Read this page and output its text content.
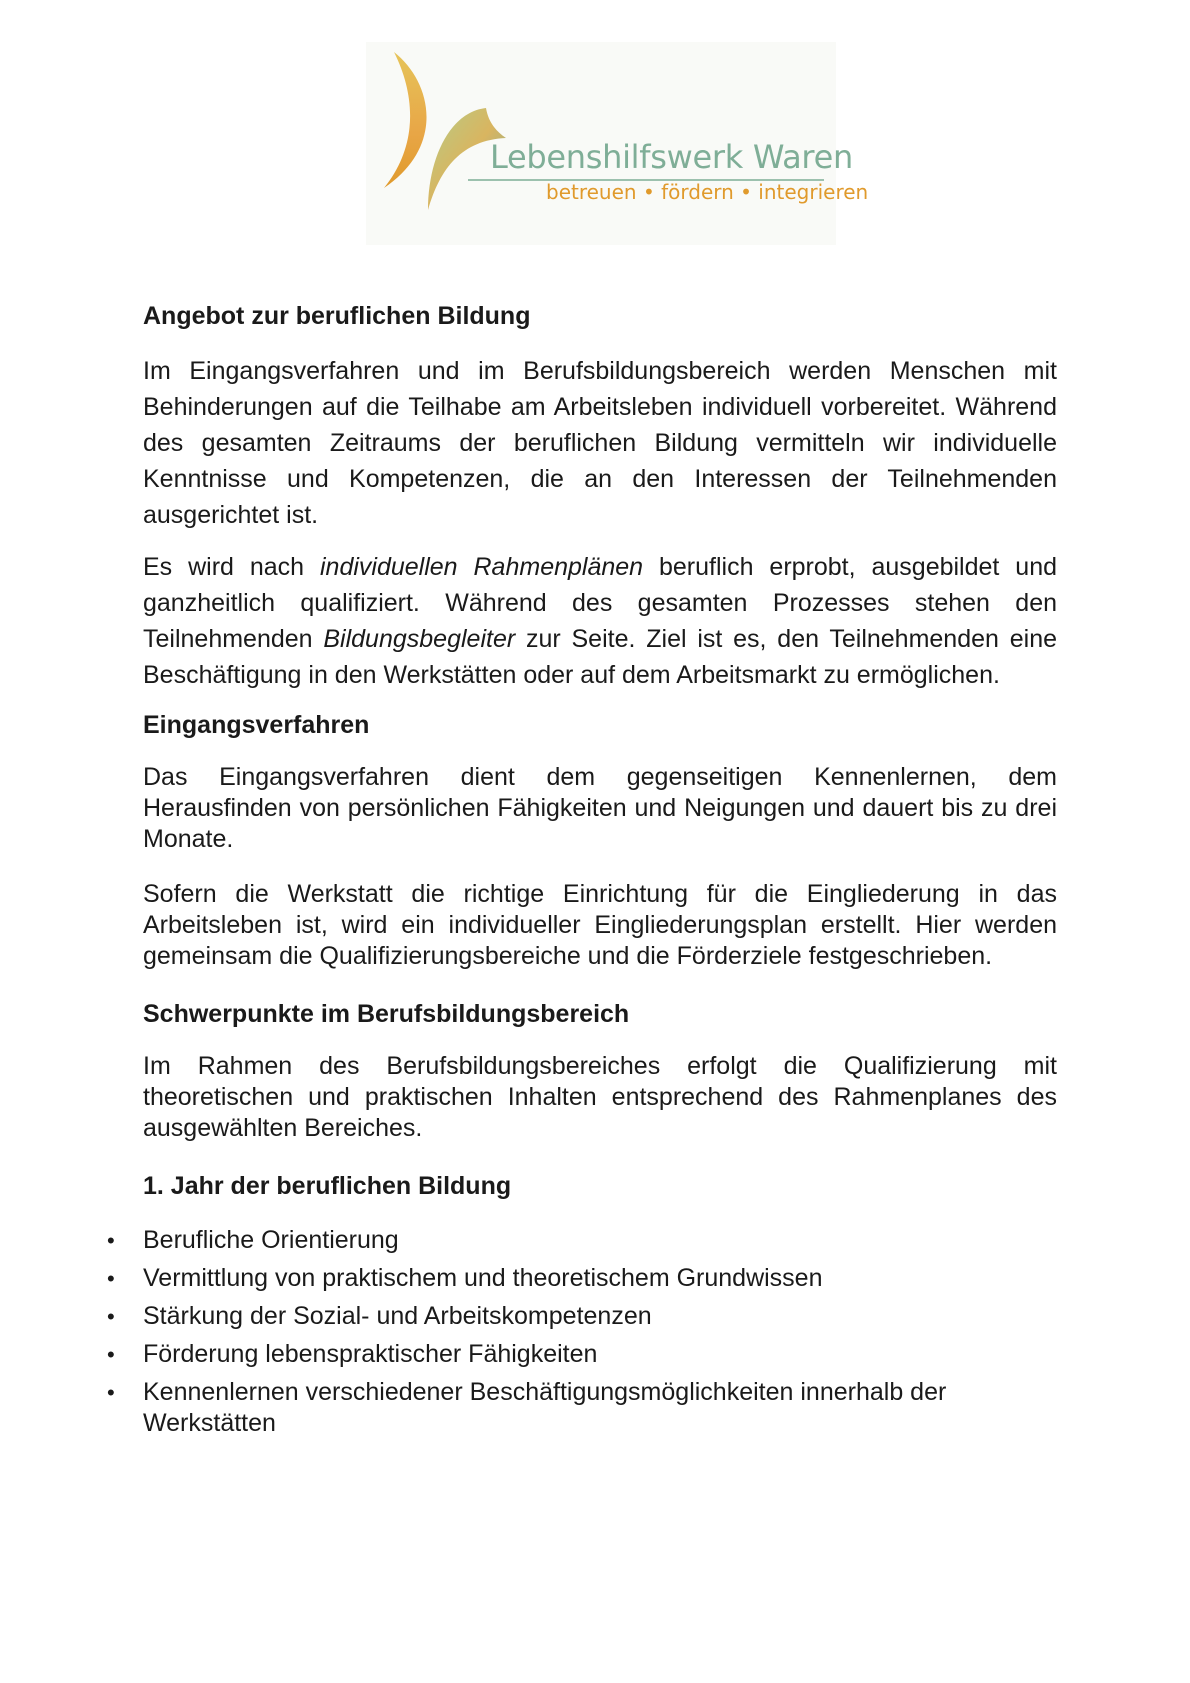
Lebenshilfswerk Waren
betreuen • fördern • integrieren
Angebot zur beruflichen Bildung

Im Eingangsverfahren und im Berufsbildungsbereich werden Menschen mit Behinderungen auf die Teilhabe am Arbeitsleben individuell vorbereitet. Während des gesamten Zeitraums der beruflichen Bildung vermitteln wir individuelle Kenntnisse und Kompetenzen, die an den Interessen der Teilnehmenden ausgerichtet ist.

Es wird nach individuellen Rahmenplänen beruflich erprobt, ausgebildet und ganzheitlich qualifiziert. Während des gesamten Prozesses stehen den Teilnehmenden Bildungsbegleiter zur Seite. Ziel ist es, den Teilnehmenden eine Beschäftigung in den Werkstätten oder auf dem Arbeitsmarkt zu ermöglichen.

Eingangsverfahren

Das Eingangsverfahren dient dem gegenseitigen Kennenlernen, dem Herausfinden von persönlichen Fähigkeiten und Neigungen und dauert bis zu drei Monate.

Sofern die Werkstatt die richtige Einrichtung für die Eingliederung in das Arbeitsleben ist, wird ein individueller Eingliederungsplan erstellt. Hier werden gemeinsam die Qualifizierungsbereiche und die Förderziele festgeschrieben.

Schwerpunkte im Berufsbildungsbereich

Im Rahmen des Berufsbildungsbereiches erfolgt die Qualifizierung mit theoretischen und praktischen Inhalten entsprechend des Rahmenplanes des ausgewählten Bereiches.

1. Jahr der beruflichen Bildung
• Berufliche Orientierung
• Vermittlung von praktischem und theoretischem Grundwissen
• Stärkung der Sozial- und Arbeitskompetenzen
• Förderung lebenspraktischer Fähigkeiten
• Kennenlernen verschiedener Beschäftigungsmöglichkeiten innerhalb der Werkstätten
